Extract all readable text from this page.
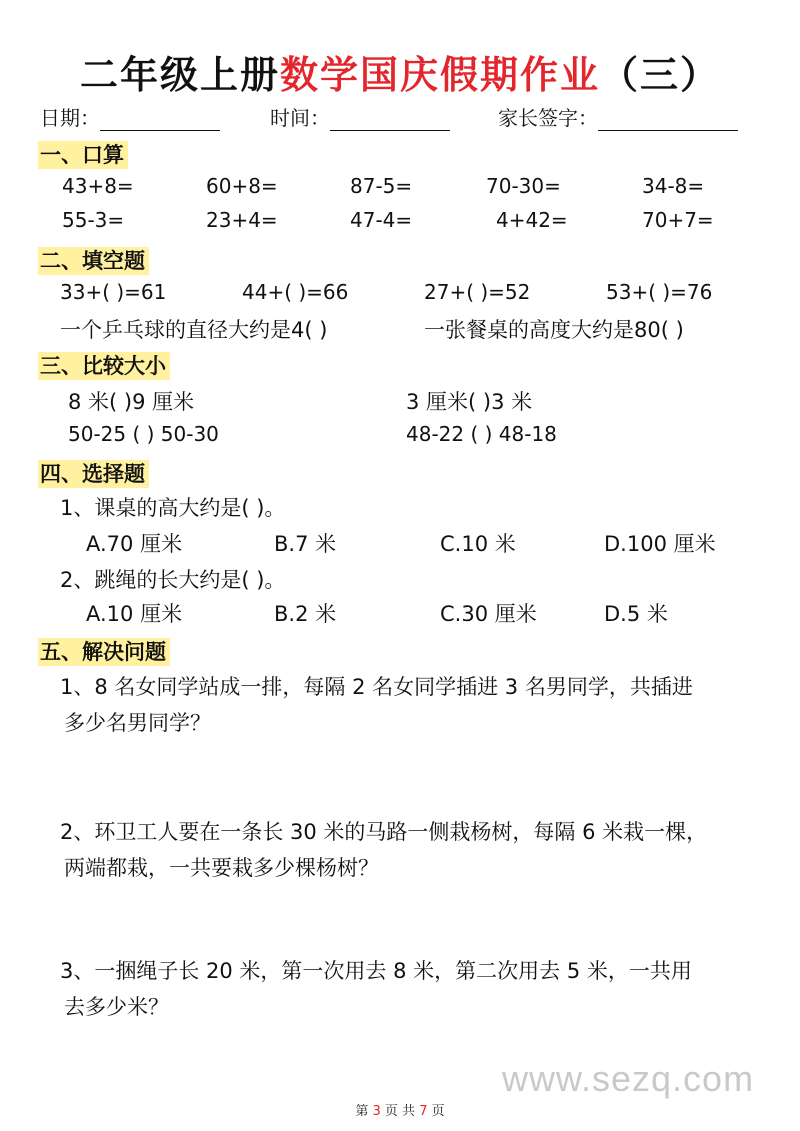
二年级上册数学国庆假期作业（三）
日期：	时间：	家长签字：
一、口算
43+8=	60+8=	87-5=	70-30=	34-8=
55-3=	23+4=	47-4=	4+42=	70+7=
二、填空题
33+( )=61	44+( )=66	27+( )=52	53+( )=76
一个乒乓球的直径大约是4( )	一张餐桌的高度大约是80( )
三、比较大小
8 米( )9 厘米	3 厘米( )3 米
50-25 ( ) 50-30	48-22 ( ) 48-18
四、选择题
1、课桌的高大约是( )。
A.70 厘米	B.7 米	C.10 米	D.100 厘米
2、跳绳的长大约是( )。
A.10 厘米	B.2 米	C.30 厘米	D.5 米
五、解决问题
1、8 名女同学站成一排，每隔 2 名女同学插进 3 名男同学，共插进
多少名男同学？
2、环卫工人要在一条长 30 米的马路一侧栽杨树，每隔 6 米栽一棵，
两端都栽，一共要栽多少棵杨树？
3、一捆绳子长 20 米，第一次用去 8 米，第二次用去 5 米，一共用
去多少米？
www.sezq.com
第 3 页 共 7 页
